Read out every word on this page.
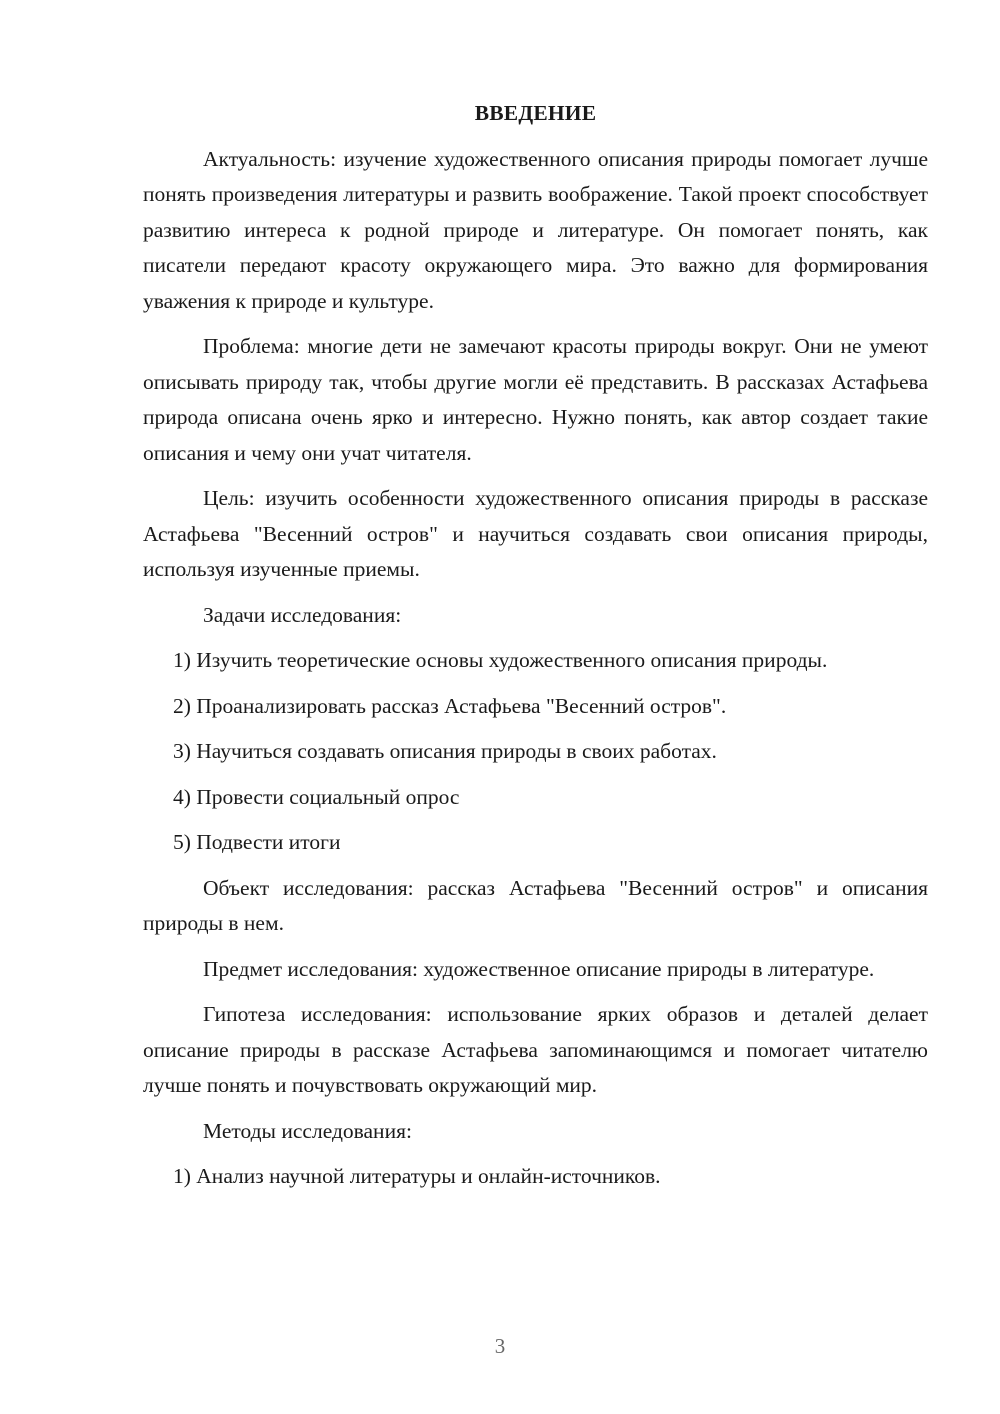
ВВЕДЕНИЕ

Актуальность: изучение художественного описания природы помогает лучше понять произведения литературы и развить воображение. Такой проект способствует развитию интереса к родной природе и литературе. Он помогает понять, как писатели передают красоту окружающего мира. Это важно для формирования уважения к природе и культуре.

Проблема: многие дети не замечают красоты природы вокруг. Они не умеют описывать природу так, чтобы другие могли её представить. В рассказах Астафьева природа описана очень ярко и интересно. Нужно понять, как автор создает такие описания и чему они учат читателя.

Цель: изучить особенности художественного описания природы в рассказе Астафьева "Весенний остров" и научиться создавать свои описания природы, используя изученные приемы.

Задачи исследования:

1) Изучить теоретические основы художественного описания природы.

2) Проанализировать рассказ Астафьева "Весенний остров".

3) Научиться создавать описания природы в своих работах.

4) Провести социальный опрос

5) Подвести итоги

Объект исследования: рассказ Астафьева "Весенний остров" и описания природы в нем.

Предмет исследования: художественное описание природы в литературе.

Гипотеза исследования: использование ярких образов и деталей делает описание природы в рассказе Астафьева запоминающимся и помогает читателю лучше понять и почувствовать окружающий мир.

Методы исследования:

1) Анализ научной литературы и онлайн-источников.

3
